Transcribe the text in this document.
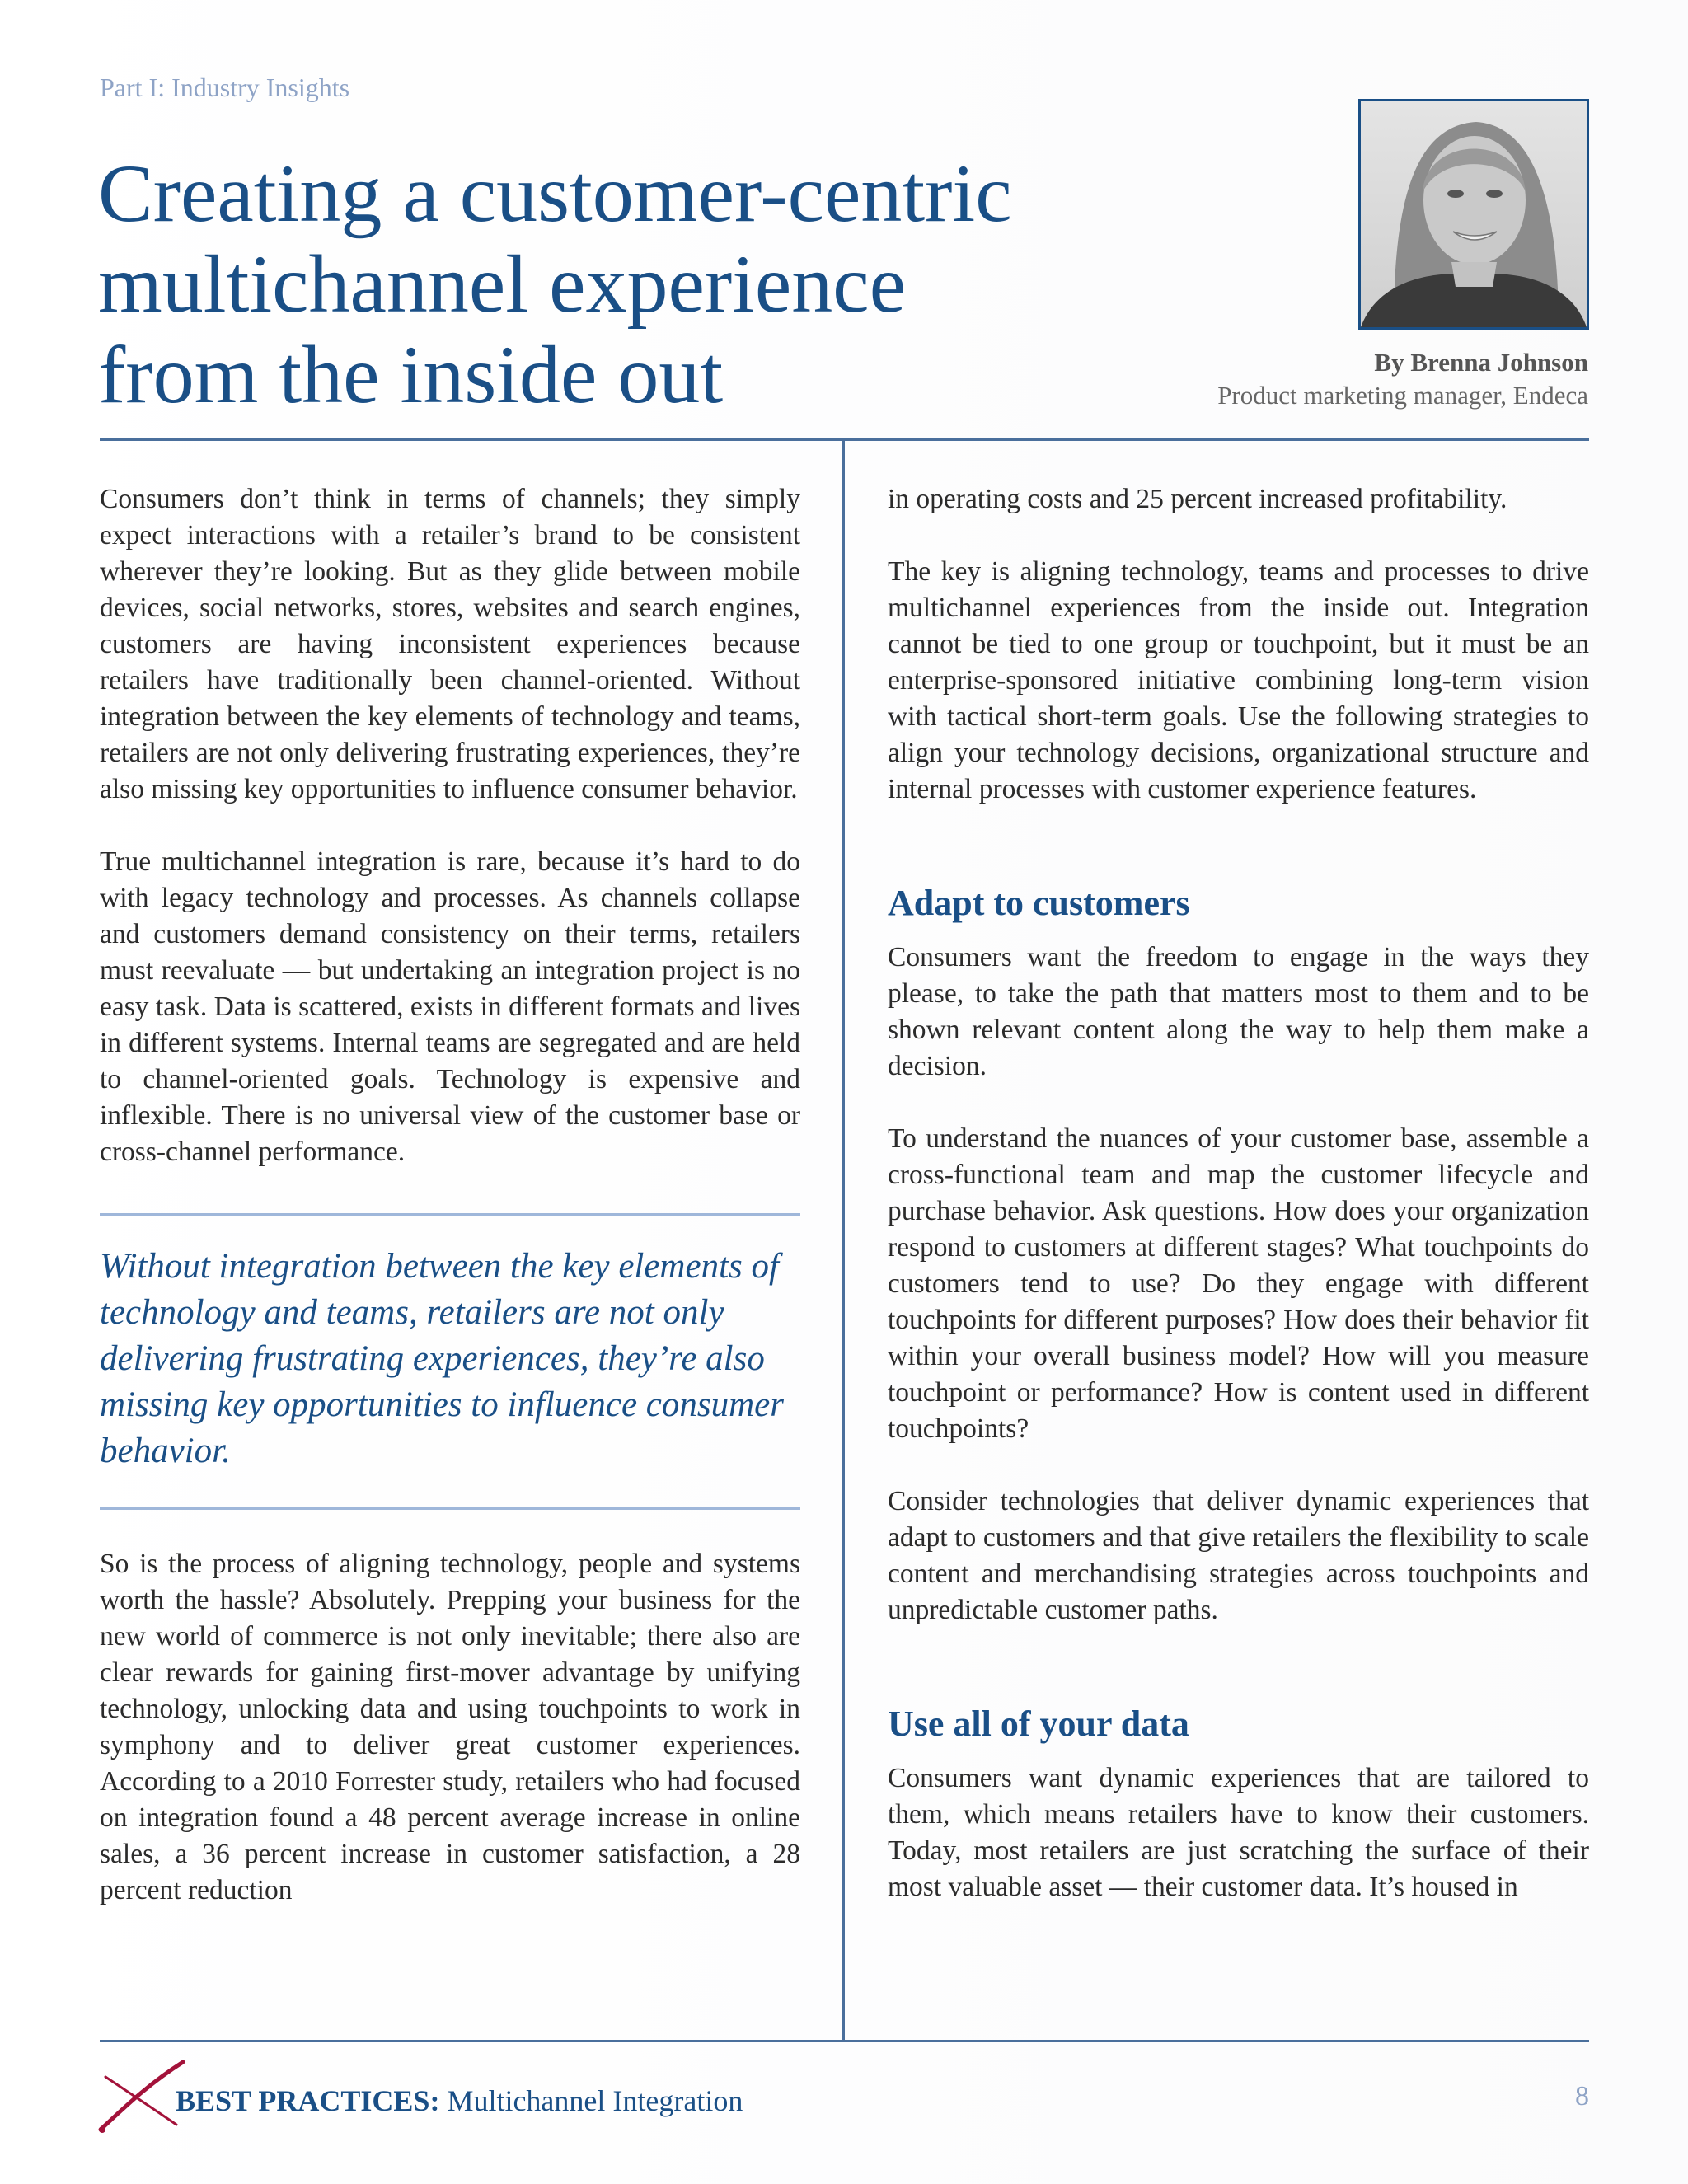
Part I: Industry Insights
Creating a customer-centric
multichannel experience
from the inside out	By Brenna Johnson
Product marketing manager, Endeca

Consumers don’t think in terms of channels; they simply expect interactions with a retailer’s brand to be consistent wherever they’re looking. But as they glide between mobile devices, social networks, stores, websites and search engines, customers are having inconsistent experiences because retailers have traditionally been channel-oriented. Without integration between the key elements of technology and teams, retailers are not only delivering frustrating experiences, they’re also missing key opportunities to influence consumer behavior.

True multichannel integration is rare, because it’s hard to do with legacy technology and processes. As channels collapse and customers demand consistency on their terms, retailers must reevaluate — but undertaking an integration project is no easy task. Data is scattered, exists in different formats and lives in different systems. Internal teams are segregated and are held to channel-oriented goals. Technology is expensive and inflexible. There is no universal view of the customer base or cross-channel performance.

Without integration between the key elements of technology and teams, retailers are not only delivering frustrating experiences, they’re also missing key opportunities to influence consumer behavior.

So is the process of aligning technology, people and systems worth the hassle? Absolutely. Prepping your business for the new world of commerce is not only inevitable; there also are clear rewards for gaining first-mover advantage by unifying technology, unlocking data and using touchpoints to work in symphony and to deliver great customer experiences. According to a 2010 Forrester study, retailers who had focused on integration found a 48 percent average increase in online sales, a 36 percent increase in customer satisfaction, a 28 percent reduction

in operating costs and 25 percent increased profitability.

The key is aligning technology, teams and processes to drive multichannel experiences from the inside out. Integration cannot be tied to one group or touchpoint, but it must be an enterprise-sponsored initiative combining long-term vision with tactical short-term goals. Use the following strategies to align your technology decisions, organizational structure and internal processes with customer experience features.

Adapt to customers

Consumers want the freedom to engage in the ways they please, to take the path that matters most to them and to be shown relevant content along the way to help them make a decision.

To understand the nuances of your customer base, assemble a cross-functional team and map the customer lifecycle and purchase behavior. Ask questions. How does your organization respond to customers at different stages? What touchpoints do customers tend to use? Do they engage with different touchpoints for different purposes? How does their behavior fit within your overall business model? How will you measure touchpoint or performance? How is content used in different touchpoints?

Consider technologies that deliver dynamic experiences that adapt to customers and that give retailers the flexibility to scale content and merchandising strategies across touchpoints and unpredictable customer paths.

Use all of your data

Consumers want dynamic experiences that are tailored to them, which means retailers have to know their customers. Today, most retailers are just scratching the surface of their most valuable asset — their customer data. It’s housed in

BEST PRACTICES: Multichannel Integration	8
